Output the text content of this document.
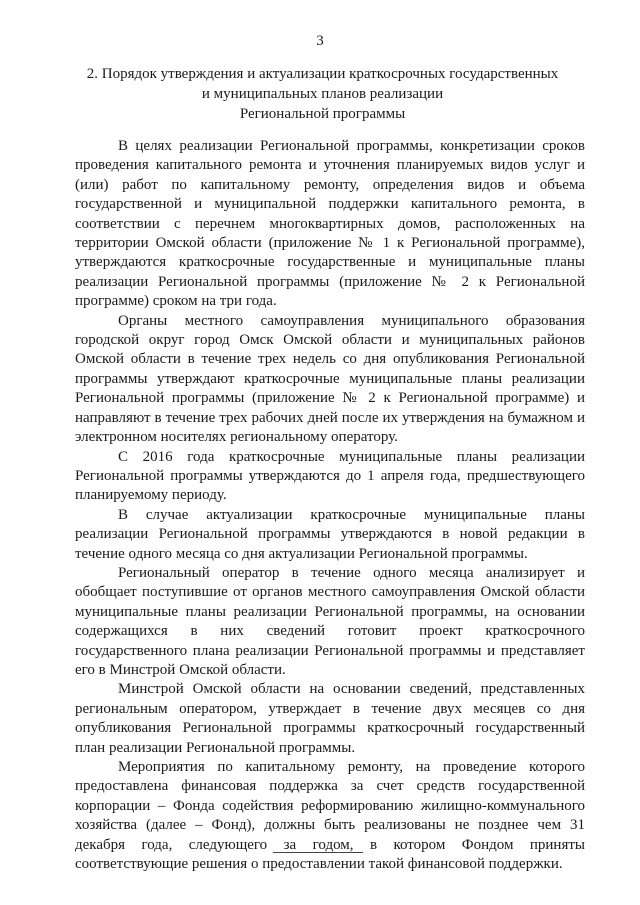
3
2. Порядок утверждения и актуализации краткосрочных государственных
и муниципальных планов реализации
Региональной программы

В целях реализации Региональной программы, конкретизации сроков проведения капитального ремонта и уточнения планируемых видов услуг и (или) работ по капитальному ремонту, определения видов и объема государственной и муниципальной поддержки капитального ремонта, в соответствии с перечнем многоквартирных домов, расположенных на территории Омской области (приложение № 1 к Региональной программе), утверждаются краткосрочные государственные и муниципальные планы реализации Региональной программы (приложение № 2 к Региональной программе) сроком на три года.

Органы местного самоуправления муниципального образования городской округ город Омск Омской области и муниципальных районов Омской области в течение трех недель со дня опубликования Региональной программы утверждают краткосрочные муниципальные планы реализации Региональной программы (приложение № 2 к Региональной программе) и направляют в течение трех рабочих дней после их утверждения на бумажном и электронном носителях региональному оператору.

С 2016 года краткосрочные муниципальные планы реализации Региональной программы утверждаются до 1 апреля года, предшествующего планируемому периоду.

В случае актуализации краткосрочные муниципальные планы реализации Региональной программы утверждаются в новой редакции в течение одного месяца со дня актуализации Региональной программы.

Региональный оператор в течение одного месяца анализирует и обобщает поступившие от органов местного самоуправления Омской области муниципальные планы реализации Региональной программы, на основании содержащихся в них сведений готовит проект краткосрочного государственного плана реализации Региональной программы и представляет его в Минстрой Омской области.

Минстрой Омской области на основании сведений, представленных региональным оператором, утверждает в течение двух месяцев со дня опубликования Региональной программы краткосрочный государственный план реализации Региональной программы.

Мероприятия по капитальному ремонту, на проведение которого предоставлена финансовая поддержка за счет средств государственной корпорации – Фонда содействия реформированию жилищно-коммунального хозяйства (далее – Фонд), должны быть реализованы не позднее чем 31 декабря года, следующего за годом, в котором Фондом приняты соответствующие решения о предоставлении такой финансовой поддержки.
